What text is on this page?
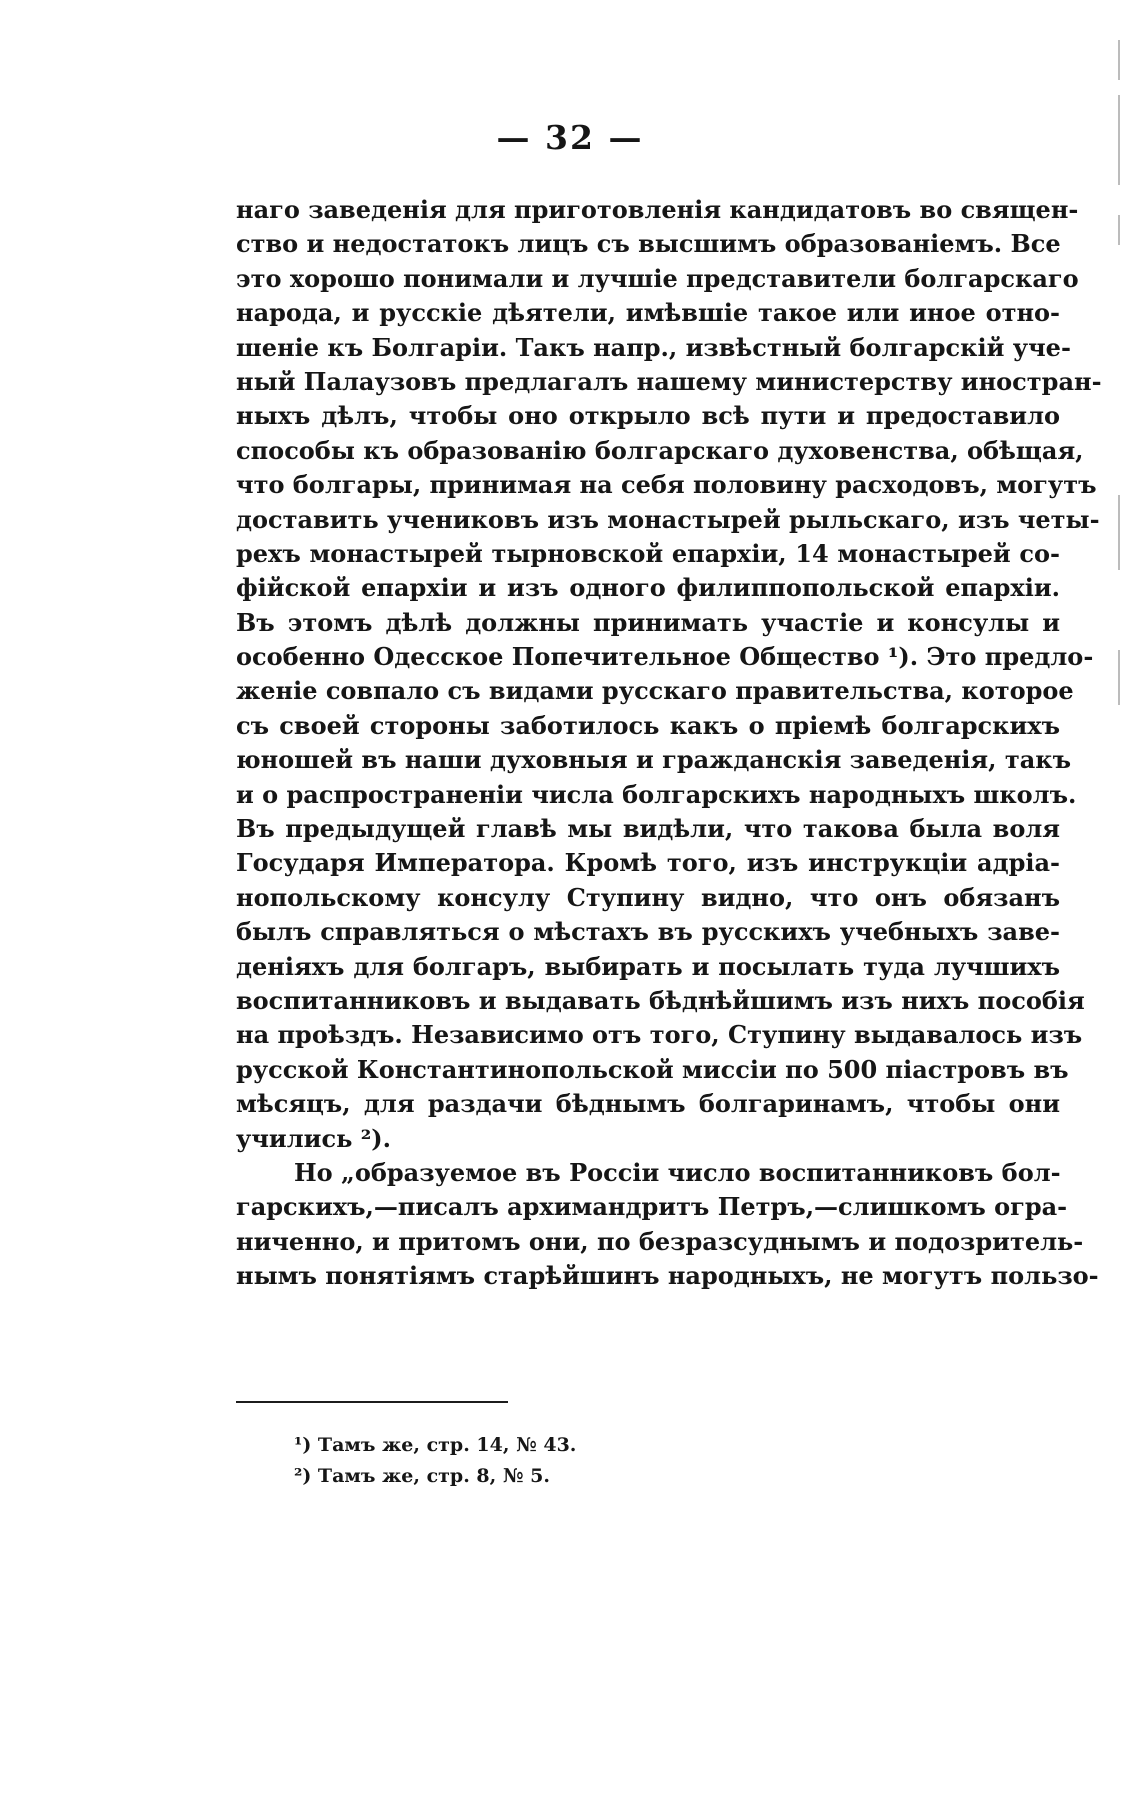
— 32 —
наго заведенія для приготовленія кандидатовъ во священ-
ство и недостатокъ лицъ съ высшимъ образованіемъ. Все
это хорошо понимали и лучшіе представители болгарскаго
народа, и русскіе дѣятели, имѣвшіе такое или иное отно-
шеніе къ Болгаріи. Такъ напр., извѣстный болгарскій уче-
ный Палаузовъ предлагалъ нашему министерству иностран-
ныхъ дѣлъ, чтобы оно открыло всѣ пути и предоставило
способы къ образованію болгарскаго духовенства, обѣщая,
что болгары, принимая на себя половину расходовъ, могутъ
доставить учениковъ изъ монастырей рыльскаго, изъ четы-
рехъ монастырей тырновской епархіи, 14 монастырей со-
фійской епархіи и изъ одного филиппопольской епархіи.
Въ этомъ дѣлѣ должны принимать участіе и консулы и
особенно Одесское Попечительное Общество ¹). Это предло-
женіе совпало съ видами русскаго правительства, которое
съ своей стороны заботилось какъ о пріемѣ болгарскихъ
юношей въ наши духовныя и гражданскія заведенія, такъ
и о распространеніи числа болгарскихъ народныхъ школъ.
Въ предыдущей главѣ мы видѣли, что такова была воля
Государя Императора. Кромѣ того, изъ инструкціи адріа-
нопольскому консулу Ступину видно, что онъ обязанъ
былъ справляться о мѣстахъ въ русскихъ учебныхъ заве-
деніяхъ для болгаръ, выбирать и посылать туда лучшихъ
воспитанниковъ и выдавать бѣднѣйшимъ изъ нихъ пособія
на проѣздъ. Независимо отъ того, Ступину выдавалось изъ
русской Константинопольской миссіи по 500 піастровъ въ
мѣсяцъ, для раздачи бѣднымъ болгаринамъ, чтобы они
учились ²).
Но „образуемое въ Россіи число воспитанниковъ бол-
гарскихъ,—писалъ архимандритъ Петръ,—слишкомъ огра-
ниченно, и притомъ они, по безразсуднымъ и подозритель-
нымъ понятіямъ старѣйшинъ народныхъ, не могутъ пользо-
¹) Тамъ же, стр. 14, № 43.
²) Тамъ же, стр. 8, № 5.
